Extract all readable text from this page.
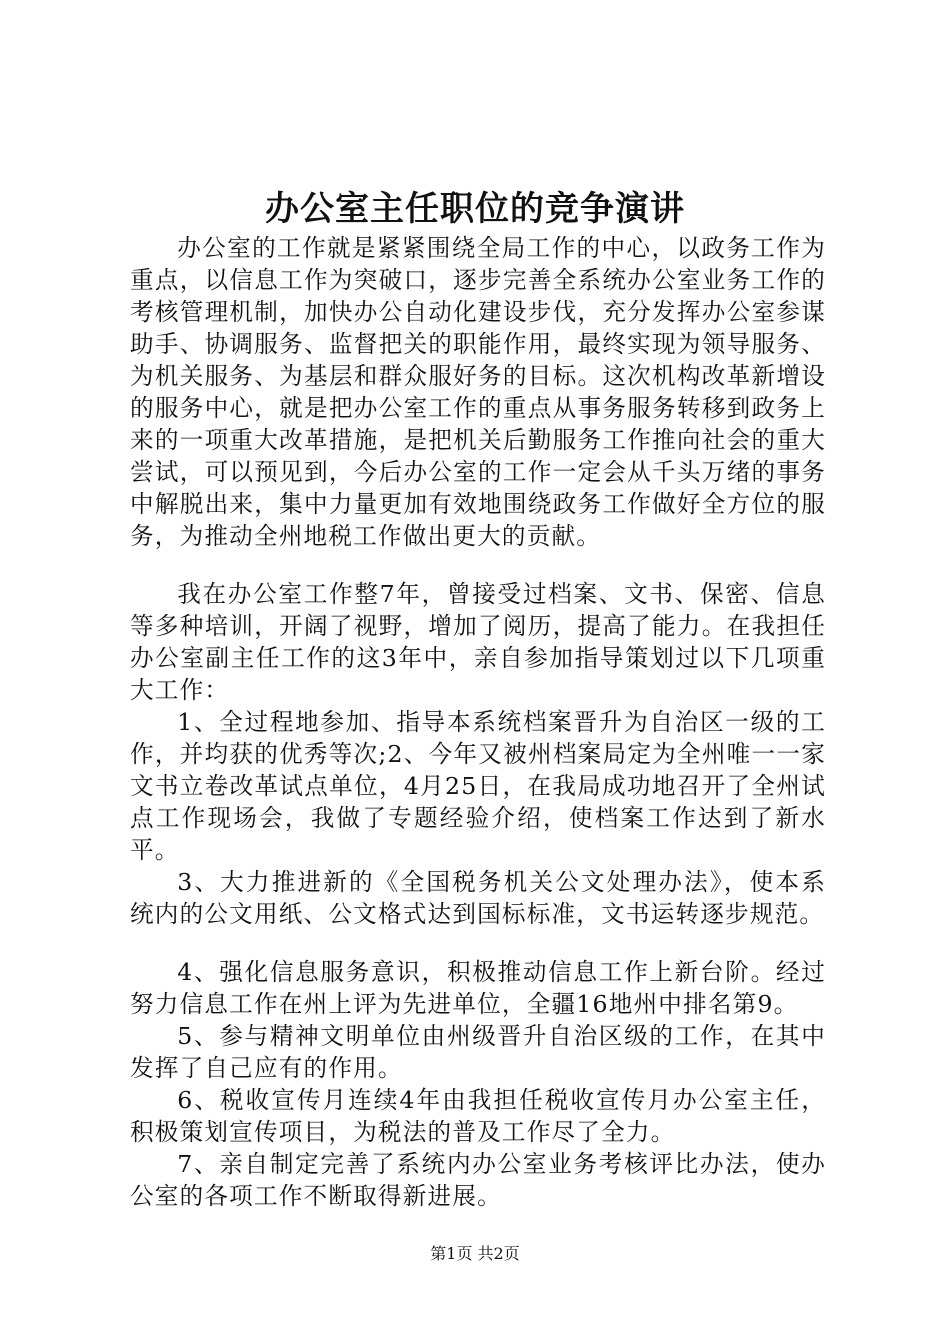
办公室主任职位的竞争演讲

办公室的工作就是紧紧围绕全局工作的中心，以政务工作为重点，以信息工作为突破口，逐步完善全系统办公室业务工作的考核管理机制，加快办公自动化建设步伐，充分发挥办公室参谋助手、协调服务、监督把关的职能作用，最终实现为领导服务、为机关服务、为基层和群众服好务的目标。这次机构改革新增设的服务中心，就是把办公室工作的重点从事务服务转移到政务上来的一项重大改革措施，是把机关后勤服务工作推向社会的重大尝试，可以预见到，今后办公室的工作一定会从千头万绪的事务中解脱出来，集中力量更加有效地围绕政务工作做好全方位的服务，为推动全州地税工作做出更大的贡献。

我在办公室工作整7年，曾接受过档案、文书、保密、信息等多种培训，开阔了视野，增加了阅历，提高了能力。在我担任办公室副主任工作的这3年中，亲自参加指导策划过以下几项重大工作：

1、全过程地参加、指导本系统档案晋升为自治区一级的工作，并均获的优秀等次;2、今年又被州档案局定为全州唯一一家文书立卷改革试点单位，4月25日，在我局成功地召开了全州试点工作现场会，我做了专题经验介绍，使档案工作达到了新水平。

3、大力推进新的《全国税务机关公文处理办法》，使本系统内的公文用纸、公文格式达到国标标准，文书运转逐步规范。

4、强化信息服务意识，积极推动信息工作上新台阶。经过努力信息工作在州上评为先进单位，全疆16地州中排名第9。

5、参与精神文明单位由州级晋升自治区级的工作，在其中发挥了自己应有的作用。

6、税收宣传月连续4年由我担任税收宣传月办公室主任，积极策划宣传项目，为税法的普及工作尽了全力。

7、亲自制定完善了系统内办公室业务考核评比办法，使办公室的各项工作不断取得新进展。

第1页 共2页
